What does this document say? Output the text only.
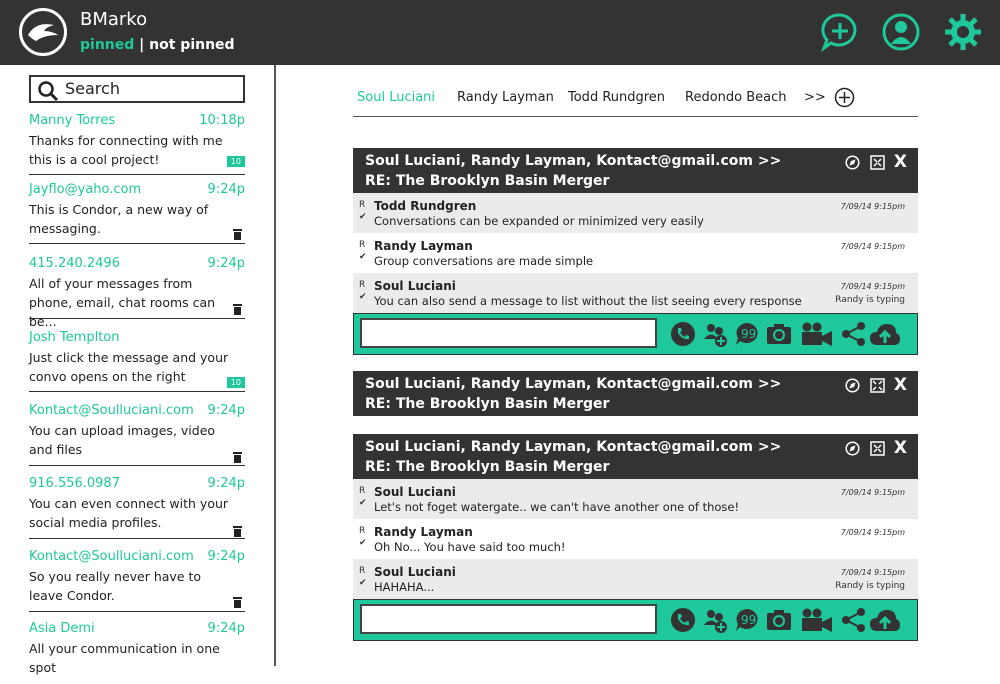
BMarko
pinned | not pinned
Search
Manny Torres	10:18p
Thanks for connecting with me this is a cool project!	10
Jayflo@yaho.com	9:24p
This is Condor, a new way of messaging.
415.240.2496	9:24p
All of your messages from phone, email, chat rooms can be...
Josh Templton
Just click the message and your convo opens on the right	10
Kontact@Soulluciani.com 9:24p
You can upload images, video and files
916.556.0987	9:24p
You can even connect with your social media profiles.
Kontact@Soulluciani.com 9:24p
So you really never have to leave Condor.
Asia Demi	9:24p
All your communication in one spot
Soul Luciani Randy Layman Todd Rundgren Redondo Beach >>
Soul Luciani, Randy Layman, Kontact@gmail.com >>
RE: The Brooklyn Basin Merger
X
R
✔
Todd Rundgren
Conversations can be expanded or minimized very easily
7/09/14 9:15pm
R
✔
Randy Layman
Group conversations are made simple
7/09/14 9:15pm
R
✔
Soul Luciani
You can also send a message to list without the list seeing every response
7/09/14 9:15pm
Randy is typing
99
Soul Luciani, Randy Layman, Kontact@gmail.com >>
RE: The Brooklyn Basin Merger
X
Soul Luciani, Randy Layman, Kontact@gmail.com >>
RE: The Brooklyn Basin Merger
X
R
✔
Soul Luciani
Let's not foget watergate.. we can't have another one of those!
7/09/14 9:15pm
R
✔
Randy Layman
Oh No... You have said too much!
7/09/14 9:15pm
R
✔
Soul Luciani
HAHAHA...
7/09/14 9:15pm
Randy is typing
99
